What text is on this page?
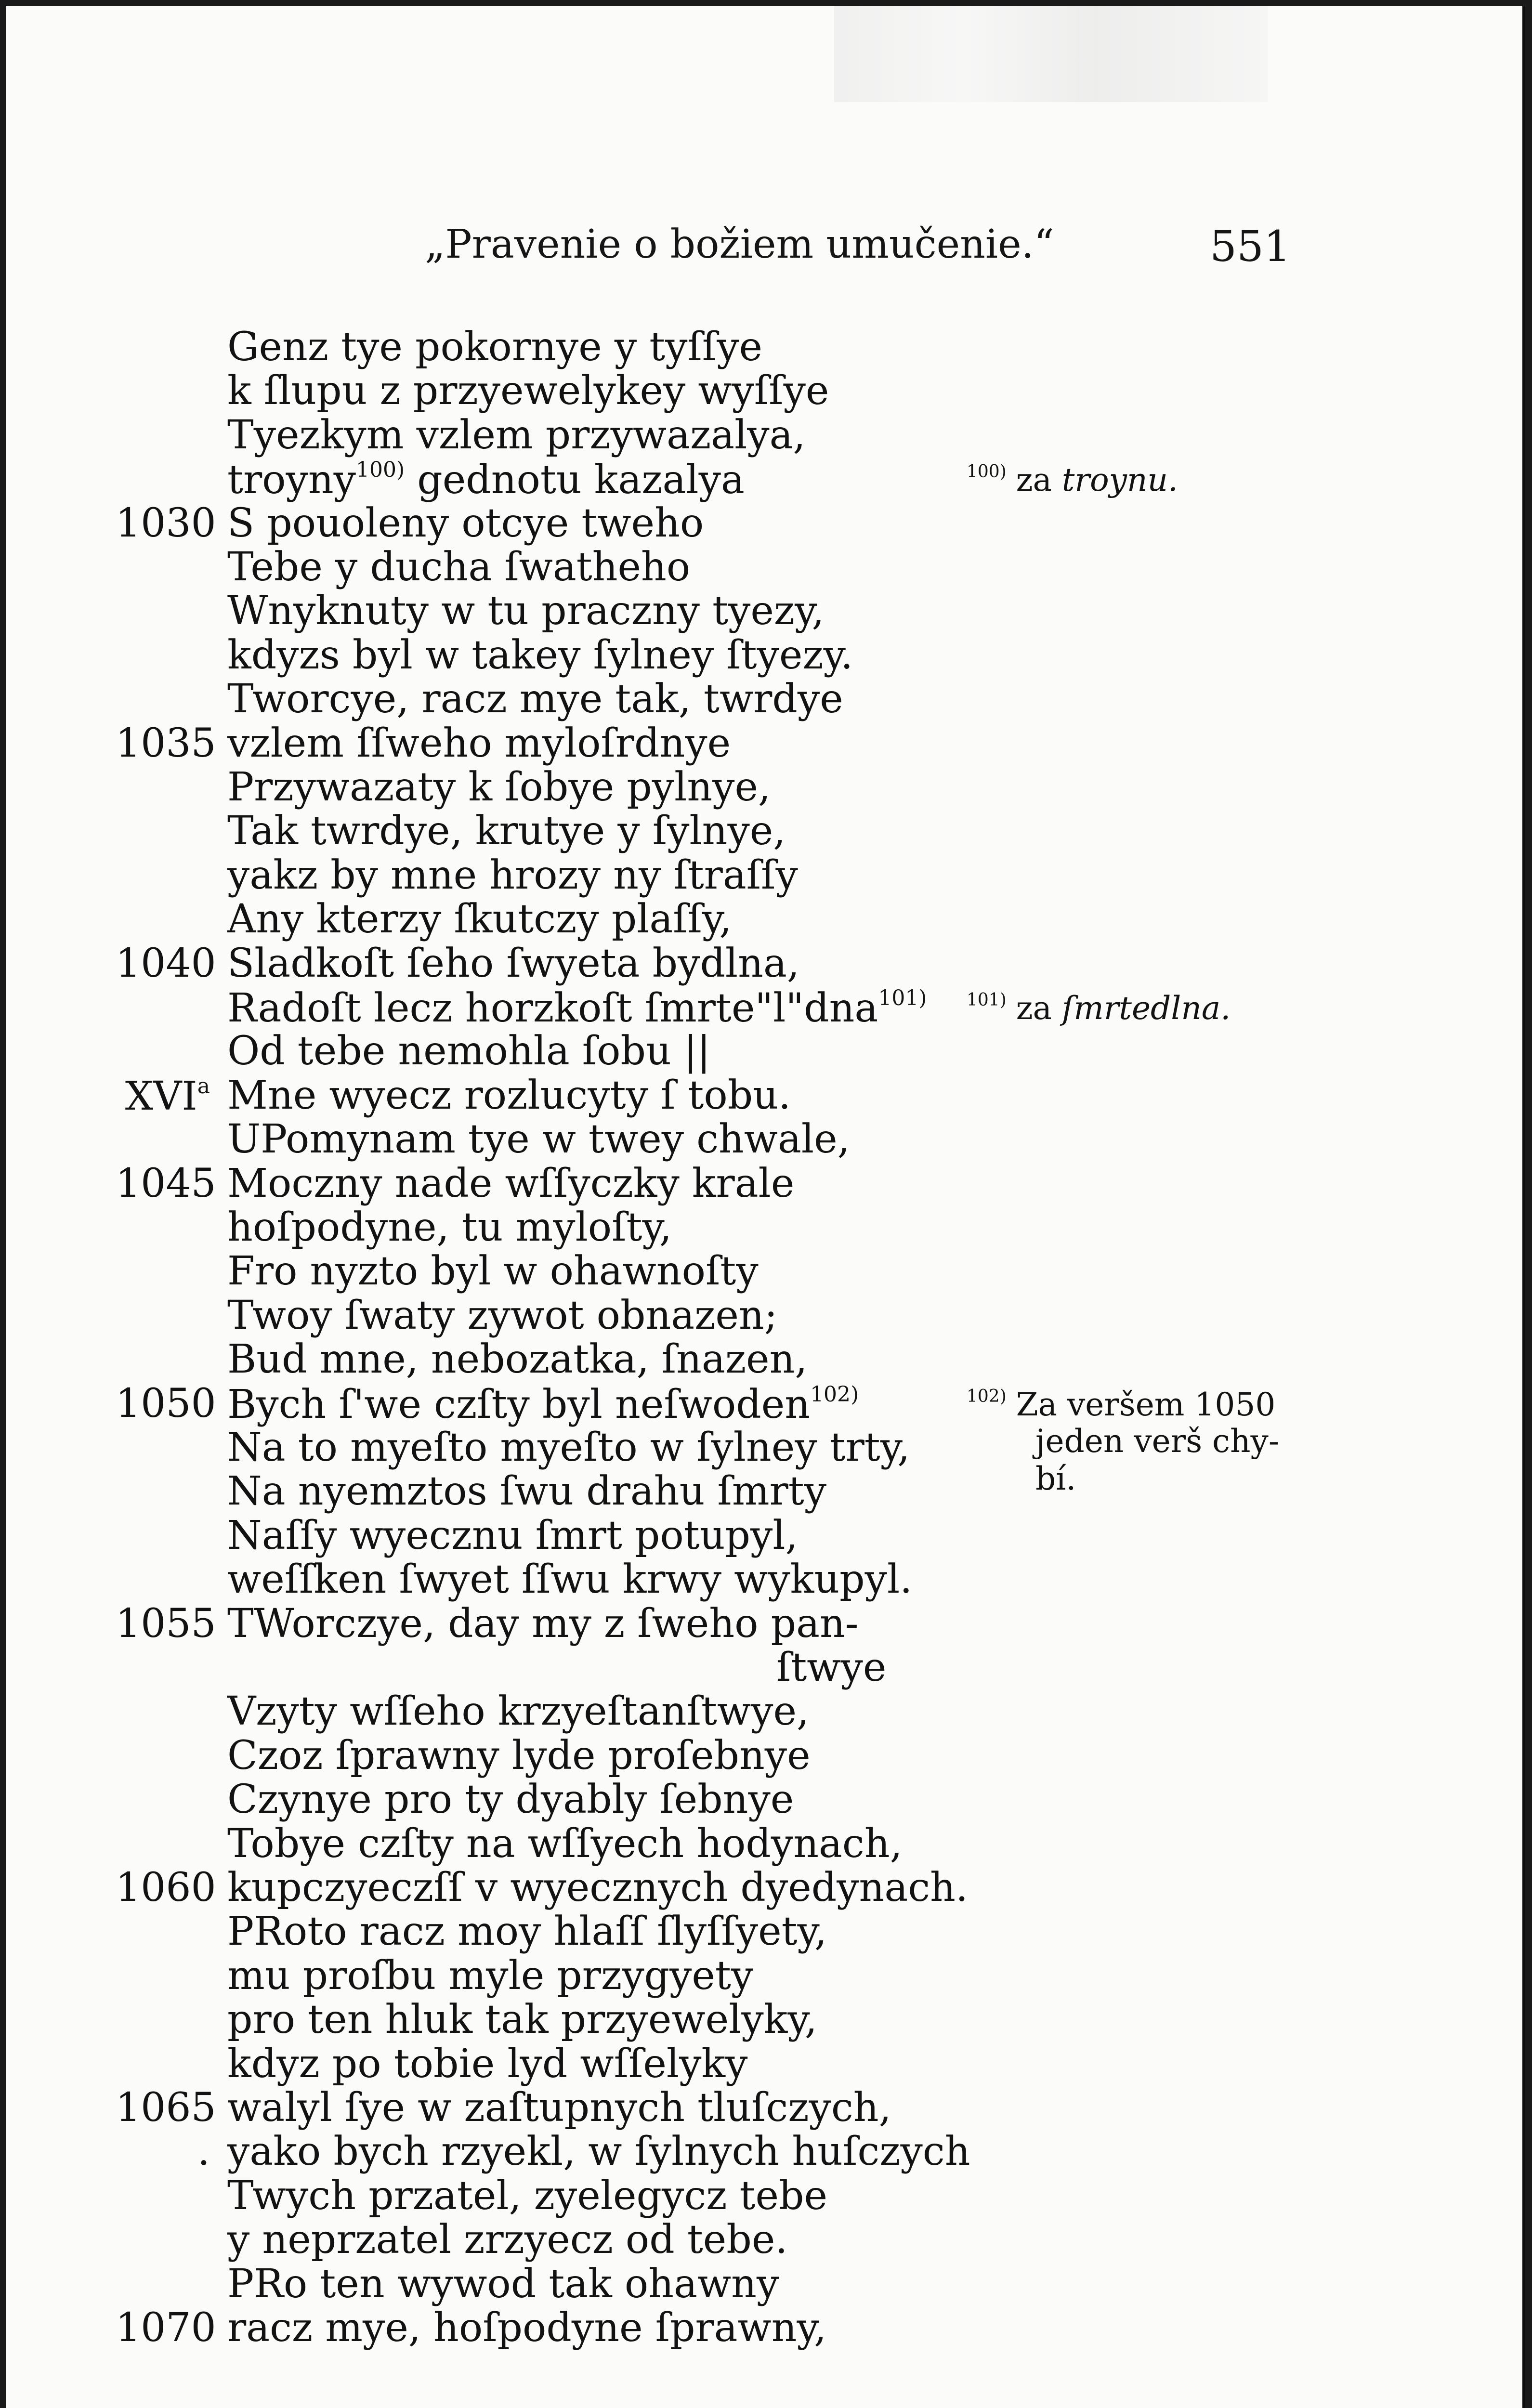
„Pravenie o božiem umučenie.“	551
Genz tye pokornye y tyſſye
k ſlupu z przyewelykey wyſſye
Tyezkym vzlem przywazalya,
troyny$^{100)}$ gednotu kazalya
1030 S pouoleny otcye tweho
Tebe y ducha ſwatheho
Wnyknuty w tu praczny tyezy,
kdyzs byl w takey ſylney ſtyezy.
Tworcye, racz mye tak, twrdye
1035 vzlem ſſweho myloſrdnye
Przywazaty k ſobye pylnye,
Tak twrdye, krutye y ſylnye,
yakz by mne hrozy ny ſtraſſy
Any kterzy ſkutczy plaſſy,
1040 Sladkoſt ſeho ſwyeta bydlna,
Radoſt lecz horzkoſt ſmrte"l"dna$^{101)}$
Od tebe nemohla ſobu ||
XVI$^a$ Mne wyecz rozlucyty ſ tobu.
UPomynam tye w twey chwale,
1045 Moczny nade wſſyczky krale
hoſpodyne, tu myloſty,
Fro nyzto byl w ohawnoſty
Twoy ſwaty zywot obnazen;
Bud mne, nebozatka, ſnazen,
1050 Bych ſ'we czſty byl neſwoden$^{102)}$
Na to myeſto myeſto w ſylney trty,
Na nyemztos ſwu drahu ſmrty
Naſſy wyecznu ſmrt potupyl,
weſſken ſwyet ſſwu krwy wykupyl.
1055 TWorczye, day my z ſweho pan-
ſtwye
Vzyty wſſeho krzyeſtanſtwye,
Czoz ſprawny lyde proſebnye
Czynye pro ty dyably ſebnye
Tobye czſty na wſſyech hodynach,
1060 kupczyeczſſ v wyecznych dyedynach.
PRoto racz moy hlaſſ ſlyſſyety,
mu proſbu myle przygyety
pro ten hluk tak przyewelyky,
kdyz po tobie lyd wſſelyky
1065 walyl ſye w zaſtupnych tluſczych,
. yako bych rzyekl, w ſylnych huſczych
Twych przatel, zyelegycz tebe
y neprzatel zrzyecz od tebe.
PRo ten wywod tak ohawny
1070 racz mye, hoſpodyne ſprawny,
$^{100)}$ za troynu.
$^{101)}$ za ſmrtedlna.
$^{102)}$ Za veršem 1050
jeden verš chy-
bí.
